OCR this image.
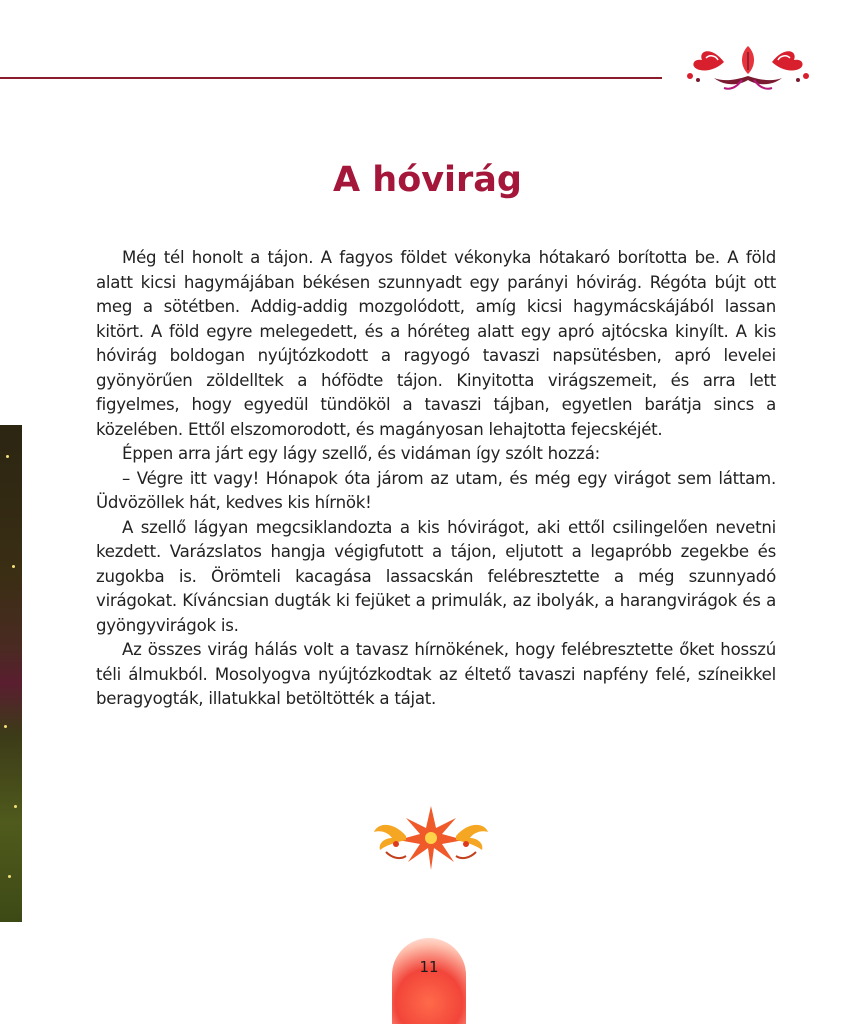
A hóvirág

Még tél honolt a tájon. A fagyos földet vékonyka hótakaró borította be. A föld alatt kicsi hagymájában békésen szunnyadt egy parányi hóvirág. Régóta bújt ott meg a sötétben. Addig-addig mozgolódott, amíg kicsi hagymácskájából lassan kitört. A föld egyre melegedett, és a hóréteg alatt egy apró ajtócska kinyílt. A kis hóvirág boldogan nyújtózkodott a ragyogó tavaszi napsütésben, apró levelei gyönyörűen zöldelltek a hófödte tájon. Kinyitotta virágszemeit, és arra lett figyelmes, hogy egyedül tündököl a tavaszi tájban, egyetlen barátja sincs a közelében. Ettől elszomorodott, és magányosan lehajtotta fejecskéjét.

Éppen arra járt egy lágy szellő, és vidáman így szólt hozzá:

– Végre itt vagy! Hónapok óta járom az utam, és még egy virágot sem láttam. Üdvözöllek hát, kedves kis hírnök!

A szellő lágyan megcsiklandozta a kis hóvirágot, aki ettől csilingelően nevetni kezdett. Varázslatos hangja végigfutott a tájon, eljutott a legapróbb zegekbe és zugokba is. Örömteli kacagása lassacskán felébresztette a még szunnyadó virágokat. Kíváncsian dugták ki fejüket a primulák, az ibolyák, a harangvirágok és a gyöngyvirágok is.

Az összes virág hálás volt a tavasz hírnökének, hogy felébresztette őket hosszú téli álmukból. Mosolyogva nyújtózkodtak az éltető tavaszi napfény felé, színeikkel beragyogták, illatukkal betöltötték a tájat.

11
